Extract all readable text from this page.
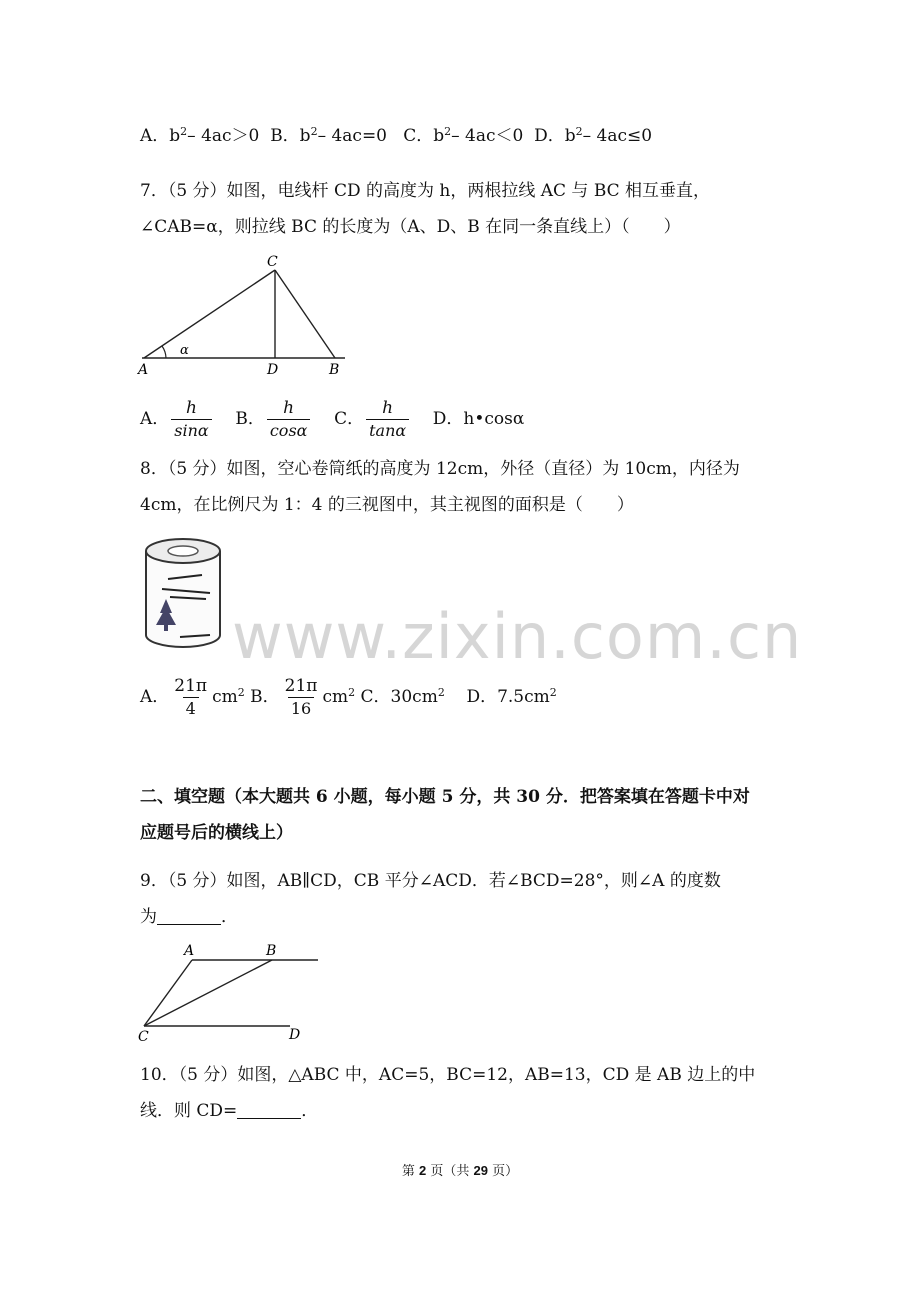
A．$b^2-$ 4ac＞0 B．$b^2-$ 4ac=0 C．$b^2-$ 4ac＜0 D．$b^2-$ 4ac≤0
7．（5 分）如图，电线杆 CD 的高度为 h，两根拉线 AC 与 BC 相互垂直，
∠CAB=α，则拉线 BC 的长度为（A、D、B 在同一条直线上）（　　）
C
α
A	D	B
A． $\frac{h}{\sin\alpha}$ B． $\frac{h}{\cos\alpha}$ C． $\frac{h}{\tan\alpha}$ D．h•cosα
8．（5 分）如图，空心卷筒纸的高度为 12cm，外径（直径）为 10cm，内径为
4cm，在比例尺为 1：4 的三视图中，其主视图的面积是（　　）
www.zixin.com.cn
A． $\frac{21\pi}{4} cm^2$ B． $\frac{21\pi}{16} cm^2$ C．$30cm^2$ D．$7.5cm^2$
二、填空题（本大题共 6 小题，每小题 5 分，共 30 分．把答案填在答题卡中对
应题号后的横线上）
9．（5 分）如图，AB∥CD，CB 平分∠ACD．若∠BCD=28°，则∠A 的度数
为	．
A	B
C	D
10．（5 分）如图，△ABC 中，AC=5，BC=12，AB=13，CD 是 AB 边上的中
线．则 CD=	．
第 2 页（共 29 页）
